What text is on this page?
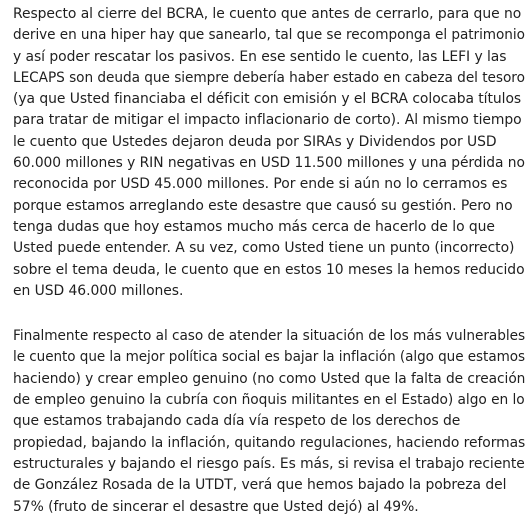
Respecto al cierre del BCRA, le cuento que antes de cerrarlo, para que no
derive en una hiper hay que sanearlo, tal que se recomponga el patrimonio
y así poder rescatar los pasivos. En ese sentido le cuento, las LEFI y las
LECAPS son deuda que siempre debería haber estado en cabeza del tesoro
(ya que Usted financiaba el déficit con emisión y el BCRA colocaba títulos
para tratar de mitigar el impacto inflacionario de corto). Al mismo tiempo
le cuento que Ustedes dejaron deuda por SIRAs y Dividendos por USD
60.000 millones y RIN negativas en USD 11.500 millones y una pérdida no
reconocida por USD 45.000 millones. Por ende si aún no lo cerramos es
porque estamos arreglando este desastre que causó su gestión. Pero no
tenga dudas que hoy estamos mucho más cerca de hacerlo de lo que
Usted puede entender. A su vez, como Usted tiene un punto (incorrecto)
sobre el tema deuda, le cuento que en estos 10 meses la hemos reducido
en USD 46.000 millones.

Finalmente respecto al caso de atender la situación de los más vulnerables
le cuento que la mejor política social es bajar la inflación (algo que estamos
haciendo) y crear empleo genuino (no como Usted que la falta de creación
de empleo genuino la cubría con ñoquis militantes en el Estado) algo en lo
que estamos trabajando cada día vía respeto de los derechos de
propiedad, bajando la inflación, quitando regulaciones, haciendo reformas
estructurales y bajando el riesgo país. Es más, si revisa el trabajo reciente
de González Rosada de la UTDT, verá que hemos bajado la pobreza del
57% (fruto de sincerar el desastre que Usted dejó) al 49%.
